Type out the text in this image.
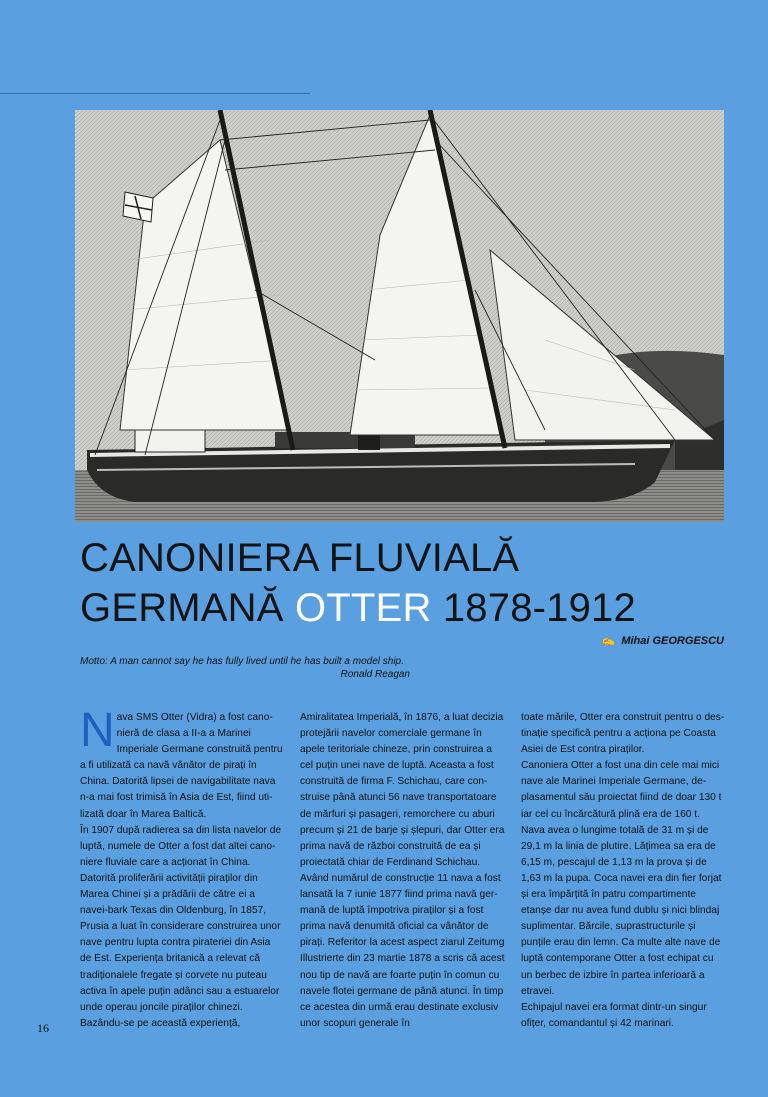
CANONIERA FLUVIALĂ
GERMANĂ OTTER 1878-1912
✍ Mihai GEORGESCU
Motto: A man cannot say he has fully lived until he has built a model ship.
Ronald Reagan

Nava SMS Otter (Vidra) a fost cano-nieră de clasa a II-a a Marinei Imperiale Germane construită pentru a fi utilizată ca navă vânător de pirați în China. Datorită lipsei de navigabilitate nava n-a mai fost trimisă în Asia de Est, fiind uti-lizată doar în Marea Baltică.

În 1907 după radierea sa din lista navelor de luptă, numele de Otter a fost dat altei cano-niere fluviale care a acționat în China.

Datorită proliferării activității piraților din Marea Chinei și a prădării de către ei a navei-bark Texas din Oldenburg, în 1857, Prusia a luat în considerare construirea unor nave pentru lupta contra pirateriei din Asia de Est. Experiența britanică a relevat că tradiționalele fregate și corvete nu puteau activa în apele puțin adânci sau a estuarelor unde operau joncile piraților chinezi. Bazându-se pe această experiență,

Amiralitatea Imperială, în 1876, a luat decizia protejării navelor comerciale germane în apele teritoriale chineze, prin construirea a cel puțin unei nave de luptă. Aceasta a fost construită de firma F. Schichau, care con-struise până atunci 56 nave transportatoare de mărfuri și pasageri, remorchere cu aburi precum și 21 de barje și șlepuri, dar Otter era prima navă de război construită de ea și proiectată chiar de Ferdinand Schichau.

Având numărul de construcție 11 nava a fost lansată la 7 iunie 1877 fiind prima navă ger-mană de luptă împotriva piraților și a fost prima navă denumită oficial ca vânător de pirați. Referitor la acest aspect ziarul Zeitumg Illustrierte din 23 martie 1878 a scris că acest nou tip de navă are foarte puțin în comun cu navele flotei germane de până atunci. În timp ce acestea din urmă erau destinate exclusiv unor scopuri generale în

toate mările, Otter era construit pentru o des-tinație specifică pentru a acționa pe Coasta Asiei de Est contra piraților.

Canoniera Otter a fost una din cele mai mici nave ale Marinei Imperiale Germane, de-plasamentul său proiectat fiind de doar 130 t iar cel cu încărcătură plină era de 160 t.

Nava avea o lungime totală de 31 m și de 29,1 m la linia de plutire. Lățimea sa era de 6,15 m, pescajul de 1,13 m la prova și de 1,63 m la pupa. Coca navei era din fier forjat și era împărțită în patru compartimente etanșe dar nu avea fund dublu și nici blindaj suplimentar. Bărcile, suprastructurile și punțile erau din lemn. Ca multe alte nave de luptă contemporane Otter a fost echipat cu un berbec de izbire în partea inferioară a etravei.

Echipajul navei era format dintr-un singur ofițer, comandantul și 42 marinari.

16
